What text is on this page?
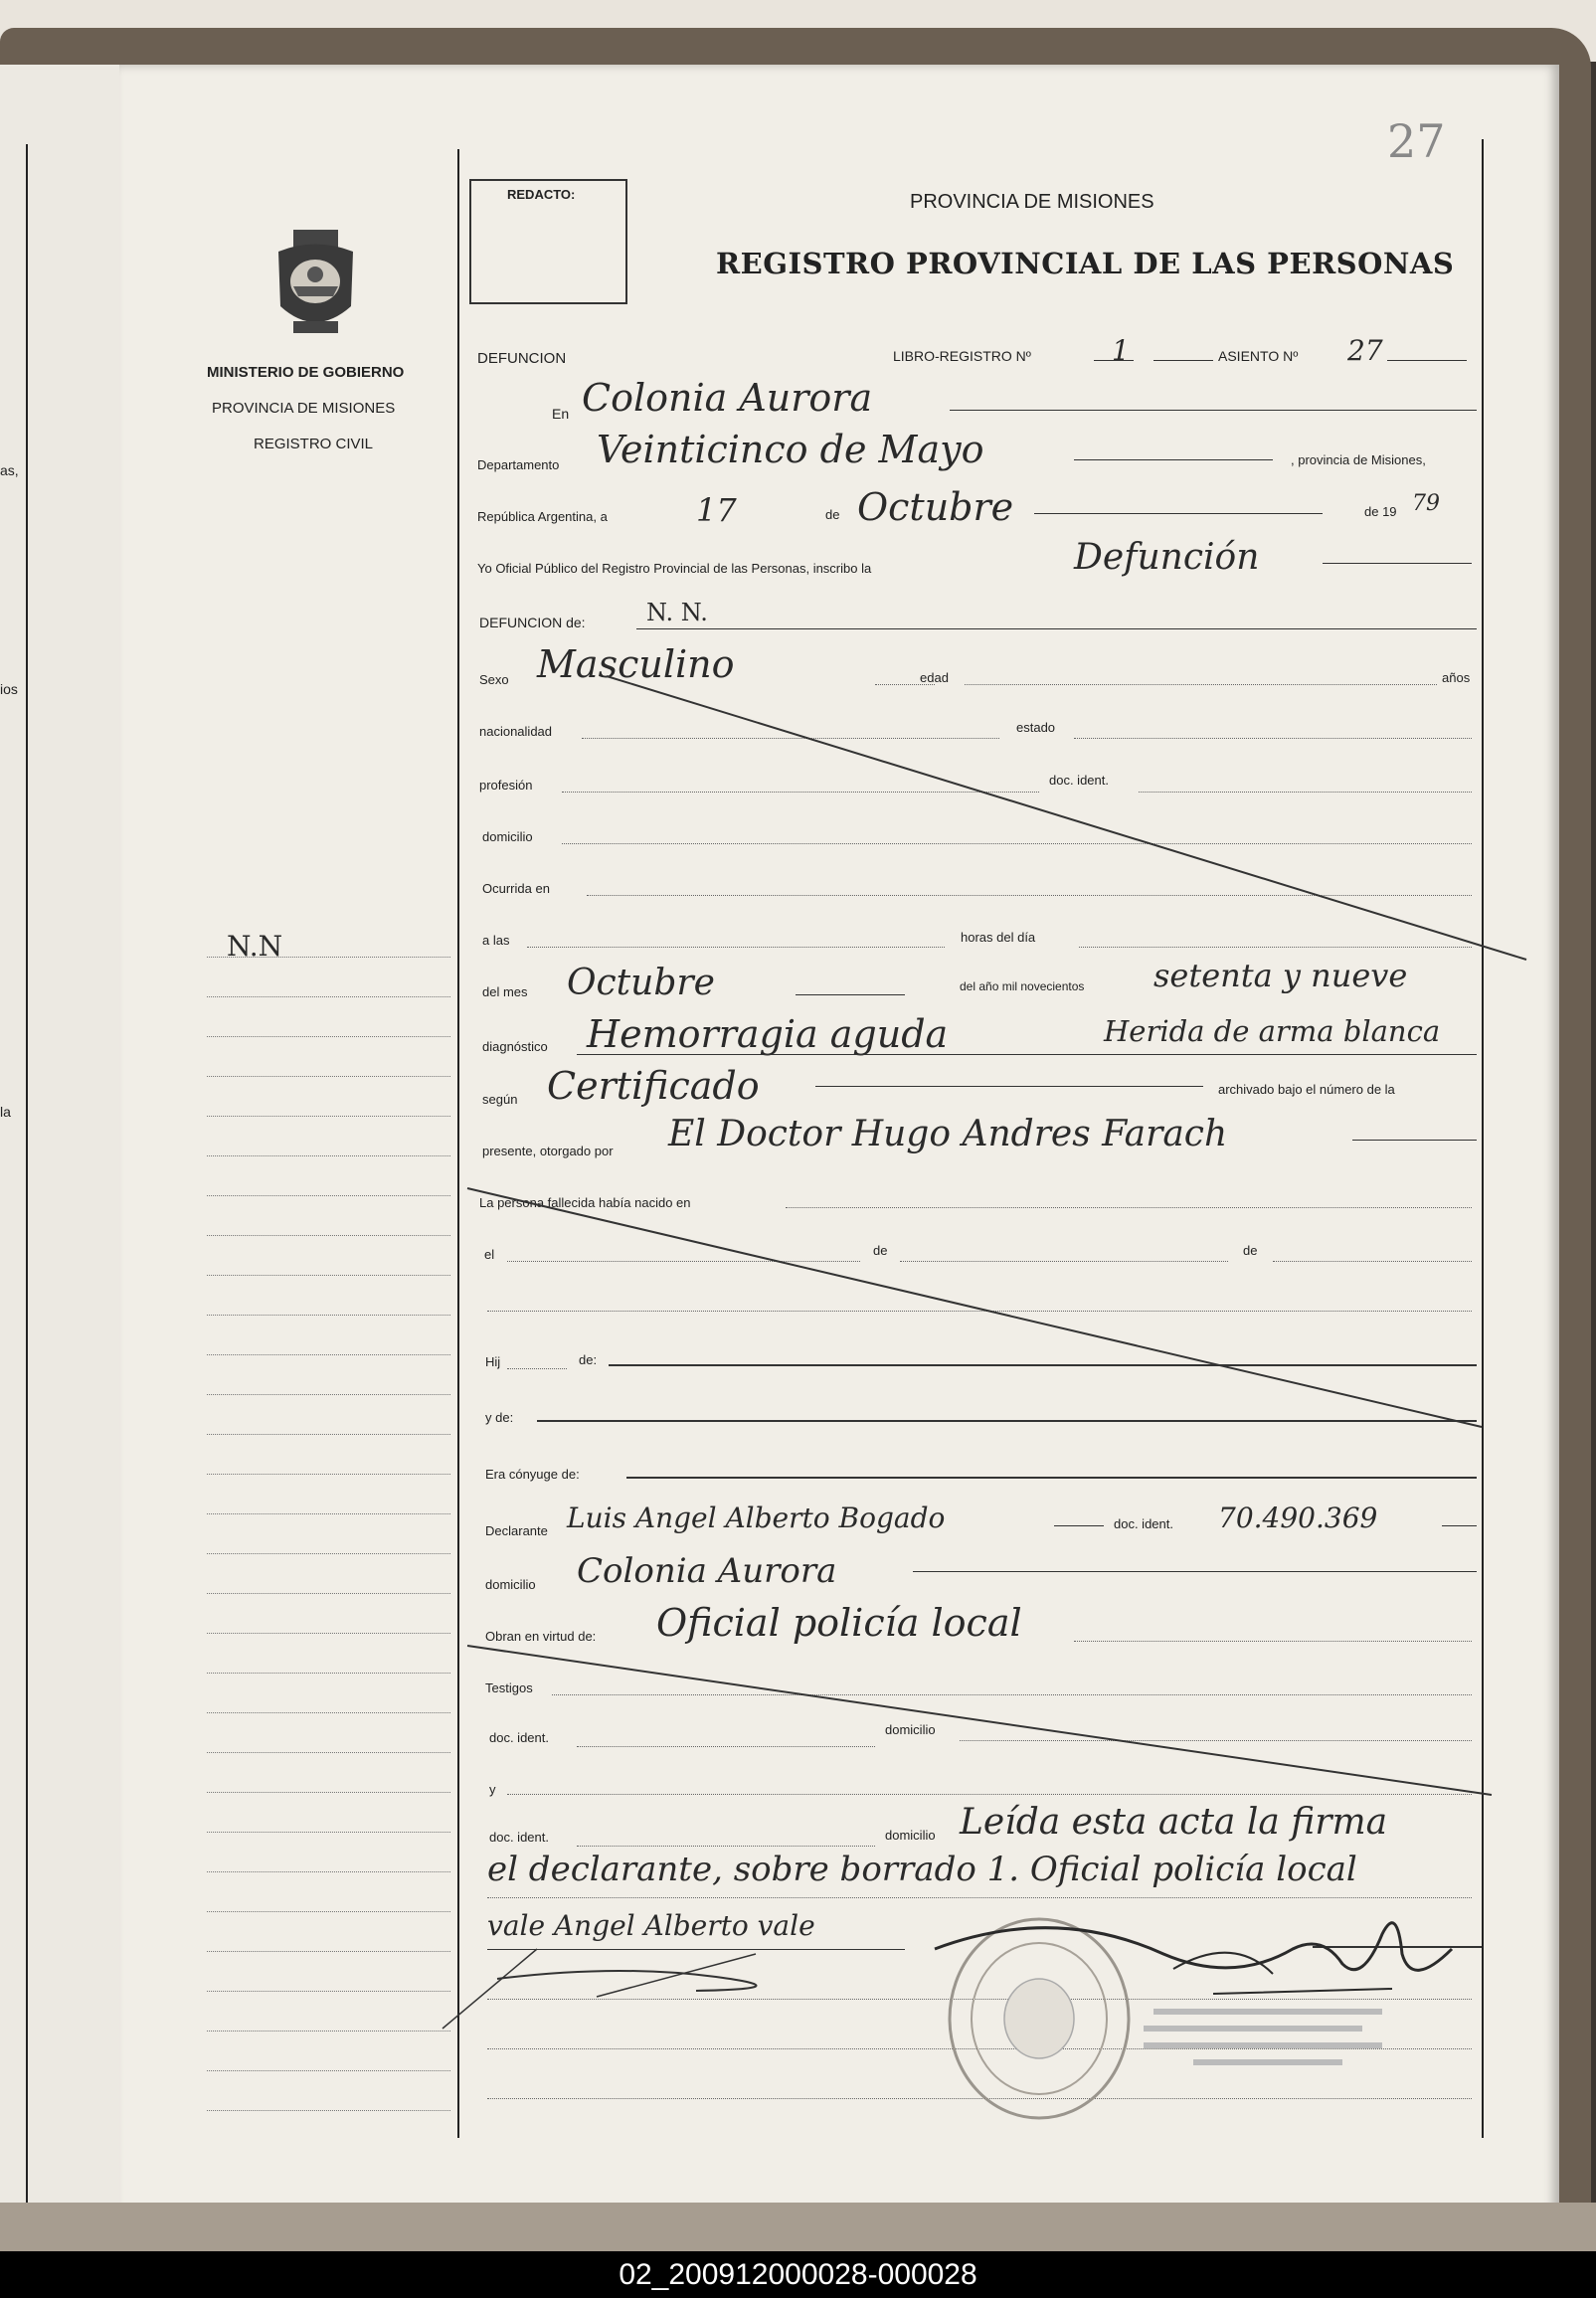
as,
ios
la
27
REDACTO:	PROVINCIA DE MISIONES
REGISTRO PROVINCIAL DE LAS PERSONAS
MINISTERIO DE GOBIERNO
PROVINCIA DE MISIONES
REGISTRO CIVIL
N.N
DEFUNCION	LIBRO-REGISTRO Nº	1	ASIENTO Nº 27
En Colonia Aurora
Departamento Veinticinco de Mayo	, provincia de Misiones,
República Argentina, a	17	de Octubre	de 19 79
Yo Oficial Público del Registro Provincial de las Personas, inscribo la	Defunción
DEFUNCION de:	N. N.
Sexo Masculino	edad	años
nacionalidad	estado
profesión	doc. ident.
domicilio
Ocurrida en
a las	horas del día
del mes Octubre	del año mil novecientos setenta y nueve
diagnóstico Hemorragia aguda	Herida de arma blanca
según Certificado	archivado bajo el número de la
presente, otorgado por El Doctor Hugo Andres Farach
La persona fallecida había nacido en
el	de	de
Hij	de:
y de:
Era cónyuge de:
Declarante Luis Angel Alberto Bogado	doc. ident. 70.490.369
domicilio Colonia Aurora
Obran en virtud de: Oficial policía local
Testigos
doc. ident.
domicilio
y
doc. ident.	domicilio Leída esta acta la firma
el declarante, sobre borrado 1. Oficial policía local
vale Angel Alberto vale
02_200912000028-000028
